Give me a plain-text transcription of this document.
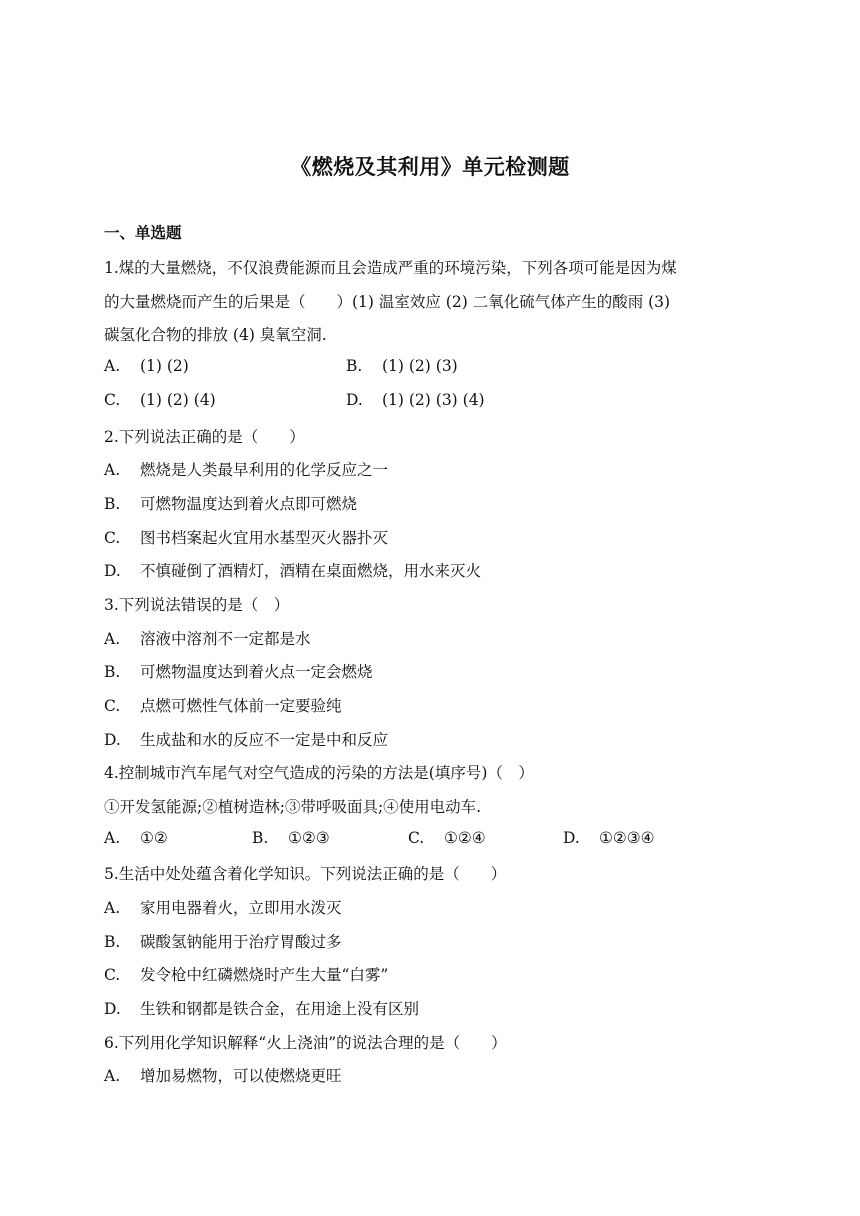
《燃烧及其利用》单元检测题
一、单选题
1.煤的大量燃烧，不仅浪费能源而且会造成严重的环境污染，下列各项可能是因为煤
的大量燃烧而产生的后果是（　　）(1) 温室效应 (2) 二氧化硫气体产生的酸雨 (3)
碳氢化合物的排放 (4) 臭氧空洞.
A. (1) (2)	B. (1) (2) (3)
C. (1) (2) (4)	D. (1) (2) (3) (4)
2.下列说法正确的是（　　）
A. 燃烧是人类最早利用的化学反应之一
B. 可燃物温度达到着火点即可燃烧
C. 图书档案起火宜用水基型灭火器扑灭
D. 不慎碰倒了酒精灯，酒精在桌面燃烧，用水来灭火
3.下列说法错误的是（　）
A. 溶液中溶剂不一定都是水
B. 可燃物温度达到着火点一定会燃烧
C. 点燃可燃性气体前一定要验纯
D. 生成盐和水的反应不一定是中和反应
4.控制城市汽车尾气对空气造成的污染的方法是(填序号)（　）
①开发氢能源;②植树造林;③带呼吸面具;④使用电动车.
A. ①②	B. ①②③	C. ①②④	D. ①②③④
5.生活中处处蕴含着化学知识。下列说法正确的是（　　）
A. 家用电器着火，立即用水泼灭
B. 碳酸氢钠能用于治疗胃酸过多
C. 发令枪中红磷燃烧时产生大量“白雾”
D. 生铁和钢都是铁合金，在用途上没有区别
6.下列用化学知识解释“火上浇油”的说法合理的是（　　）
A. 增加易燃物，可以使燃烧更旺
